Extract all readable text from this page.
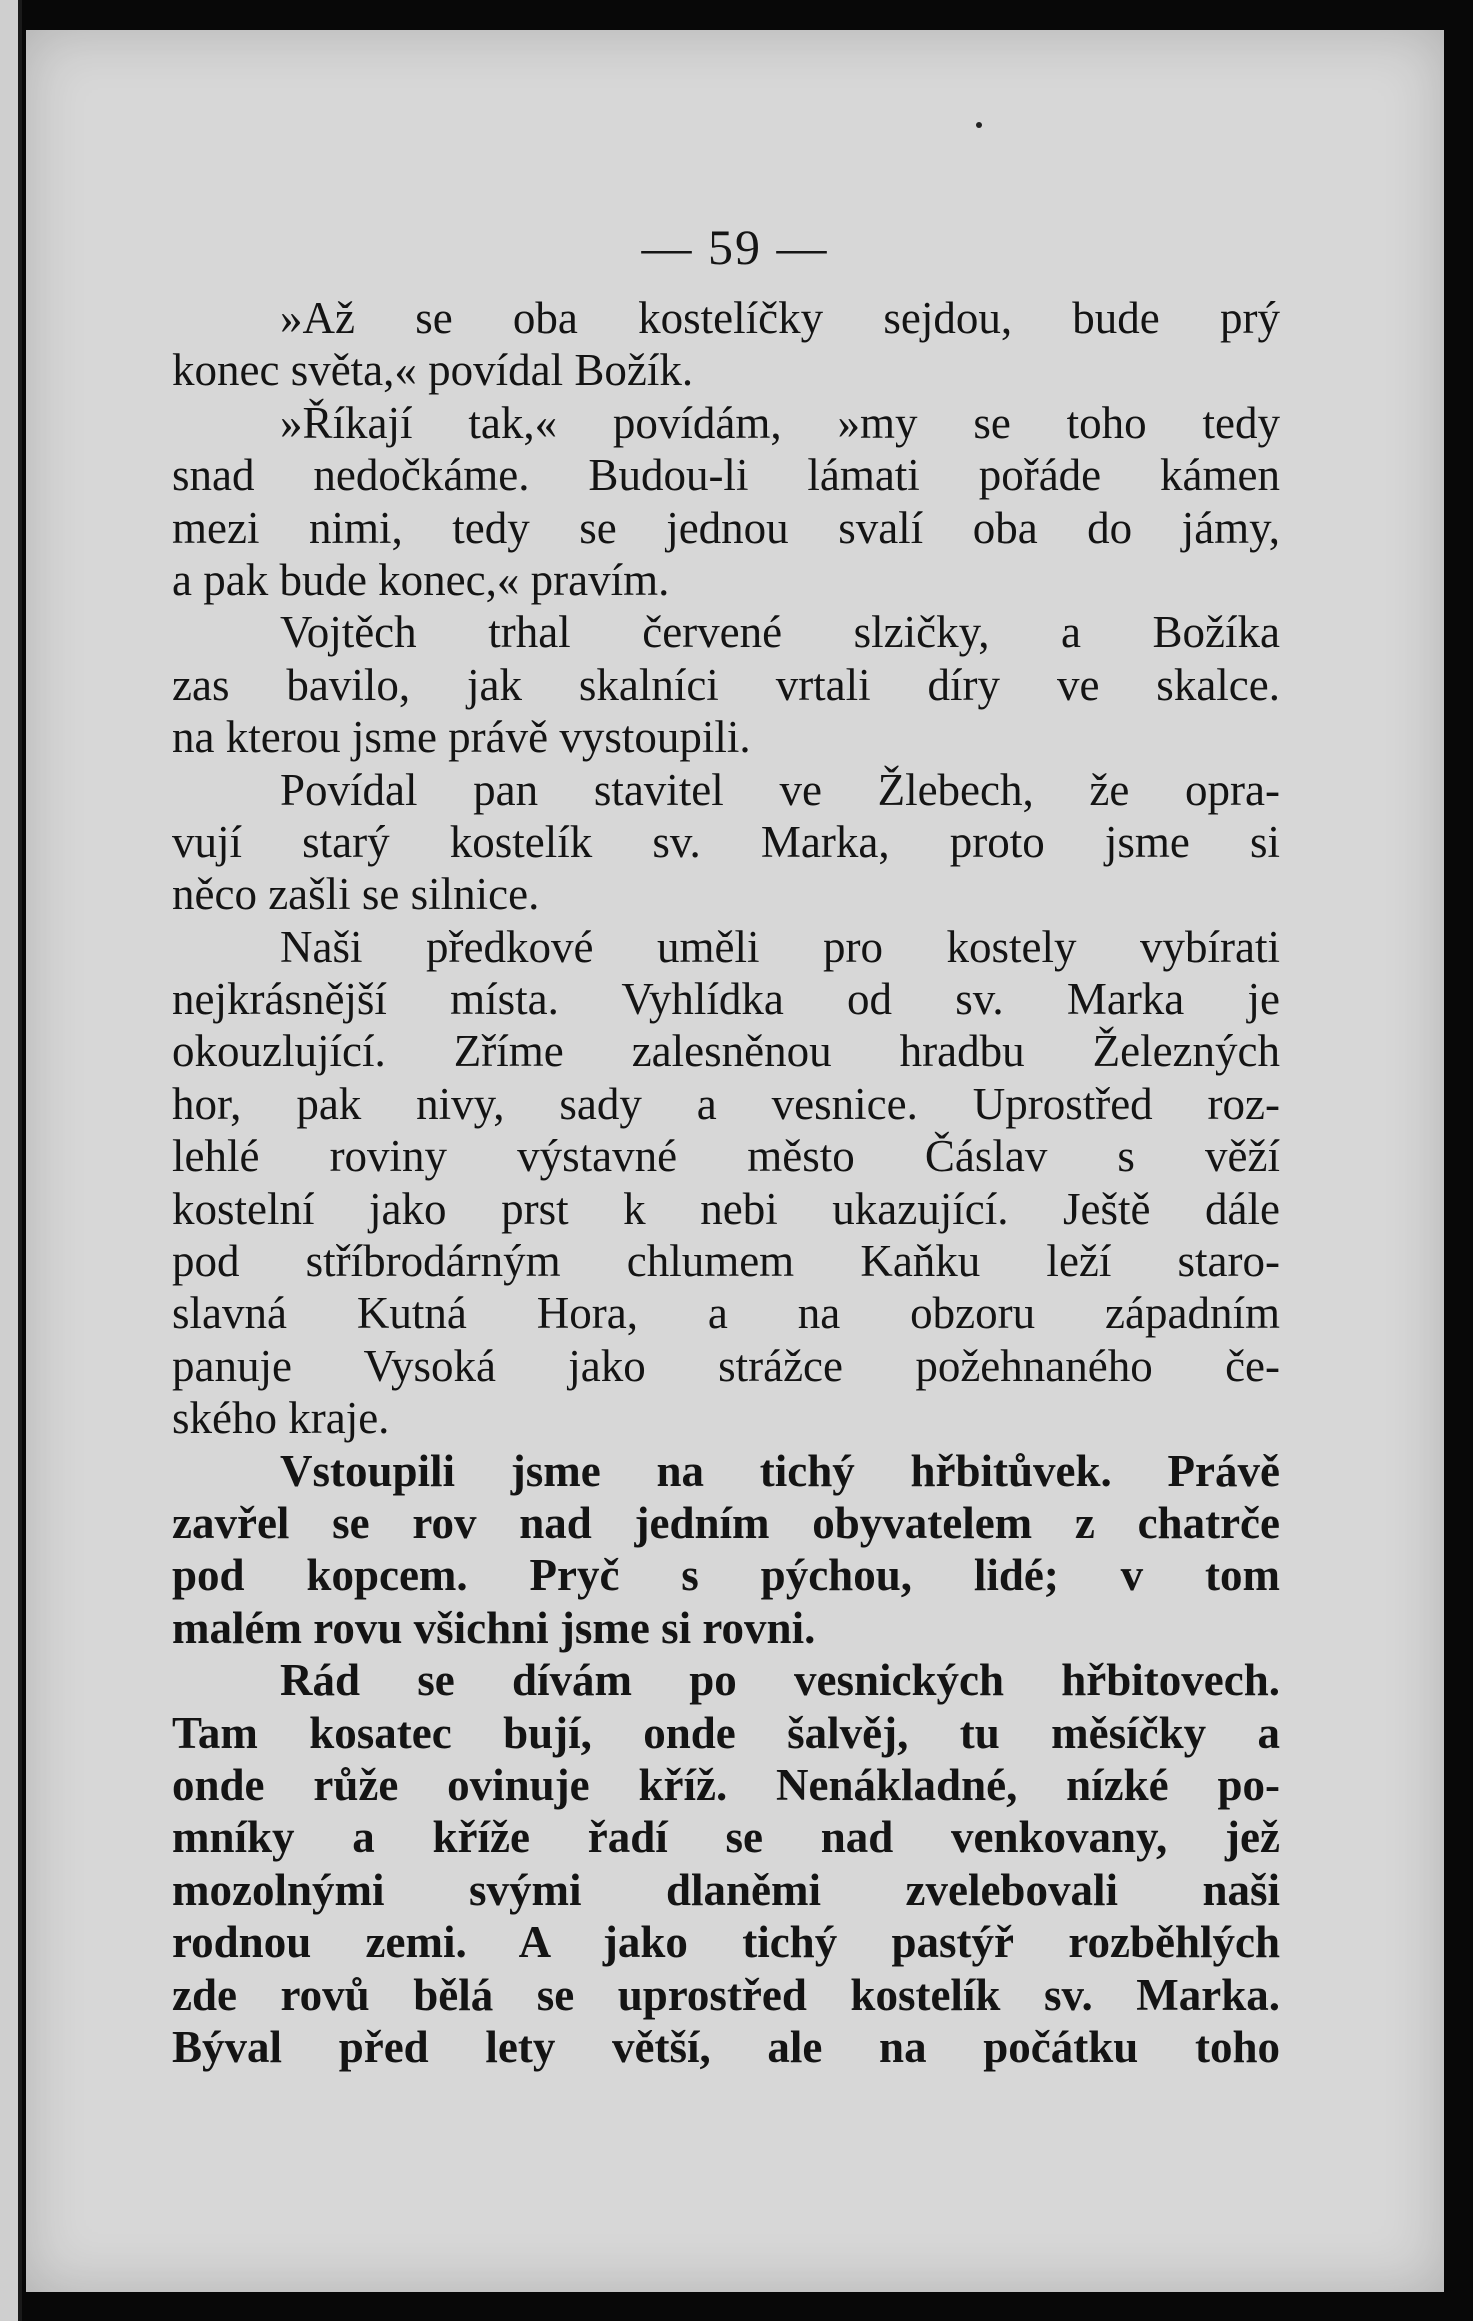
— 59 —
»Až se oba kostelíčky sejdou, bude prý
konec světa,« povídal Božík.
»Říkají tak,« povídám, »my se toho tedy
snad nedočkáme. Budou-li lámati pořáde kámen
mezi nimi, tedy se jednou svalí oba do jámy,
a pak bude konec,« pravím.
Vojtěch trhal červené slzičky, a Božíka
zas bavilo, jak skalníci vrtali díry ve skalce.
na kterou jsme právě vystoupili.
Povídal pan stavitel ve Žlebech, že opra-
vují starý kostelík sv. Marka, proto jsme si
něco zašli se silnice.
Naši předkové uměli pro kostely vybírati
nejkrásnější místa. Vyhlídka od sv. Marka je
okouzlující. Zříme zalesněnou hradbu Železných
hor, pak nivy, sady a vesnice. Uprostřed roz-
lehlé roviny výstavné město Čáslav s věží
kostelní jako prst k nebi ukazující. Ještě dále
pod stříbrodárným chlumem Kaňku leží staro-
slavná Kutná Hora, a na obzoru západním
panuje Vysoká jako strážce požehnaného če-
ského kraje.
Vstoupili jsme na tichý hřbitůvek. Právě
zavřel se rov nad jedním obyvatelem z chatrče
pod kopcem. Pryč s pýchou, lidé; v tom
malém rovu všichni jsme si rovni.
Rád se dívám po vesnických hřbitovech.
Tam kosatec bují, onde šalvěj, tu měsíčky a
onde růže ovinuje kříž. Nenákladné, nízké po-
mníky a kříže řadí se nad venkovany, jež
mozolnými svými dlaněmi zvelebovali naši
rodnou zemi. A jako tichý pastýř rozběhlých
zde rovů bělá se uprostřed kostelík sv. Marka.
Býval před lety větší, ale na počátku toho
